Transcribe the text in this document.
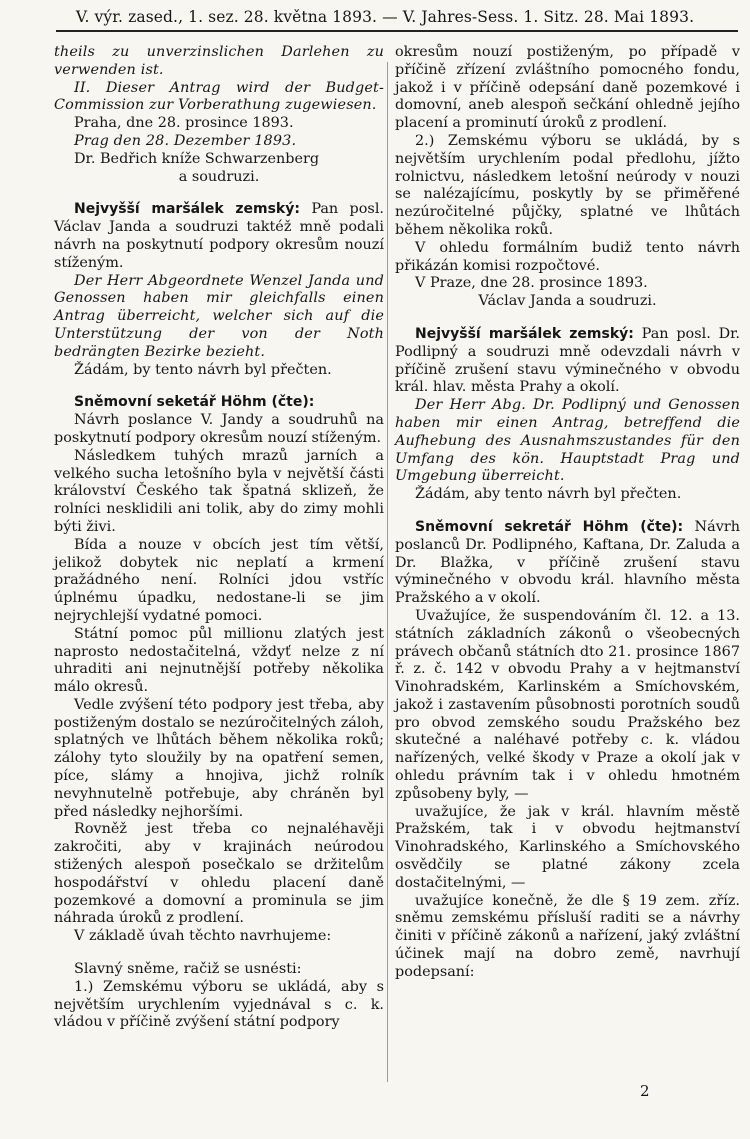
V. výr. zased., 1. sez. 28. května 1893. — V. Jahres-Sess. 1. Sitz. 28. Mai 1893.

theils zu unverzinslichen Darlehen zu verwenden ist.

II. Dieser Antrag wird der Budget-Commission zur Vorberathung zugewiesen.

Praha, dne 28. prosince 1893.

Prag den 28. Dezember 1893.

Dr. Bedřich kníže Schwarzenberg

a soudruzi.

Nejvyšší maršálek zemský: Pan posl. Václav Janda a soudruzi taktéž mně podali návrh na poskytnutí podpory okresům nouzí stíženým.

Der Herr Abgeordnete Wenzel Janda und Genossen haben mir gleichfalls einen Antrag überreicht, welcher sich auf die Unterstützung der von der Noth bedrängten Bezirke bezieht.

Žádám, by tento návrh byl přečten.

Sněmovní seketář Höhm (čte):

Návrh poslance V. Jandy a soudruhů na poskytnutí podpory okresům nouzí stíženým.

Následkem tuhých mrazů jarních a velkého sucha letošního byla v největší části království Českého tak špatná sklizeň, že rolníci nesklidili ani tolik, aby do zimy mohli býti živi.

Bída a nouze v obcích jest tím větší, jelikož dobytek nic neplatí a krmení pražádného není. Rolníci jdou vstříc úplnému úpadku, nedostane-li se jim nejrychlejší vydatné pomoci.

Státní pomoc půl millionu zlatých jest naprosto nedostačitelná, vždyť nelze z ní uhraditi ani nejnutnější potřeby několika málo okresů.

Vedle zvýšení této podpory jest třeba, aby postiženým dostalo se nezúročitelných záloh, splatných ve lhůtách během několika roků; zálohy tyto sloužily by na opatření semen, píce, slámy a hnojiva, jichž rolník nevyhnutelně potřebuje, aby chráněn byl před následky nejhoršími.

Rovněž jest třeba co nejnaléhavěji zakročiti, aby v krajinách neúrodou stižených alespoň posečkalo se držitelům hospodářství v ohledu placení daně pozemkové a domovní a prominula se jim náhrada úroků z prodlení.

V základě úvah těchto navrhujeme:

Slavný sněme, račiž se usnésti:

1.) Zemskému výboru se ukládá, aby s největším urychlením vyjednával s c. k. vládou v příčině zvýšení státní podpory

okresům nouzí postiženým, po případě v příčině zřízení zvláštního pomocného fondu, jakož i v příčině odepsání daně pozemkové i domovní, aneb alespoň sečkání ohledně jejího placení a prominutí úroků z prodlení.

2.) Zemskému výboru se ukládá, by s největším urychlením podal předlohu, jížto rolnictvu, následkem letošní neúrody v nouzi se nalézajícímu, poskytly by se přiměřené nezúročitelné půjčky, splatné ve lhůtách během několika roků.

V ohledu formálním budiž tento návrh přikázán komisi rozpočtové.

V Praze, dne 28. prosince 1893.

Václav Janda a soudruzi.

Nejvyšší maršálek zemský: Pan posl. Dr. Podlipný a soudruzi mně odevzdali návrh v příčině zrušení stavu výminečného v obvodu král. hlav. města Prahy a okolí.

Der Herr Abg. Dr. Podlipný und Genossen haben mir einen Antrag, betreffend die Aufhebung des Ausnahmszustandes für den Umfang des kön. Hauptstadt Prag und Umgebung überreicht.

Žádám, aby tento návrh byl přečten.

Sněmovní sekretář Höhm (čte): Návrh poslanců Dr. Podlipného, Kaftana, Dr. Zaluda a Dr. Blažka, v příčině zrušení stavu výminečného v obvodu král. hlavního města Pražského a v okolí.

Uvažujíce, že suspendováním čl. 12. a 13. státních základních zákonů o všeobecných právech občanů státních dto 21. prosince 1867 ř. z. č. 142 v obvodu Prahy a v hejtmanství Vinohradském, Karlinském a Smíchovském, jakož i zastavením působnosti porotních soudů pro obvod zemského soudu Pražského bez skutečné a naléhavé potřeby c. k. vládou nařízených, velké škody v Praze a okolí jak v ohledu právním tak i v ohledu hmotném způsobeny byly, —

uvažujíce, že jak v král. hlavním městě Pražském, tak i v obvodu hejtmanství Vinohradského, Karlinského a Smíchovského osvědčily se platné zákony zcela dostačitelnými, —

uvažujíce konečně, že dle § 19 zem. zříz. sněmu zemskému přísluší raditi se a návrhy činiti v příčině zákonů a nařízení, jaký zvláštní účinek mají na dobro země, navrhují podepsaní:

2
